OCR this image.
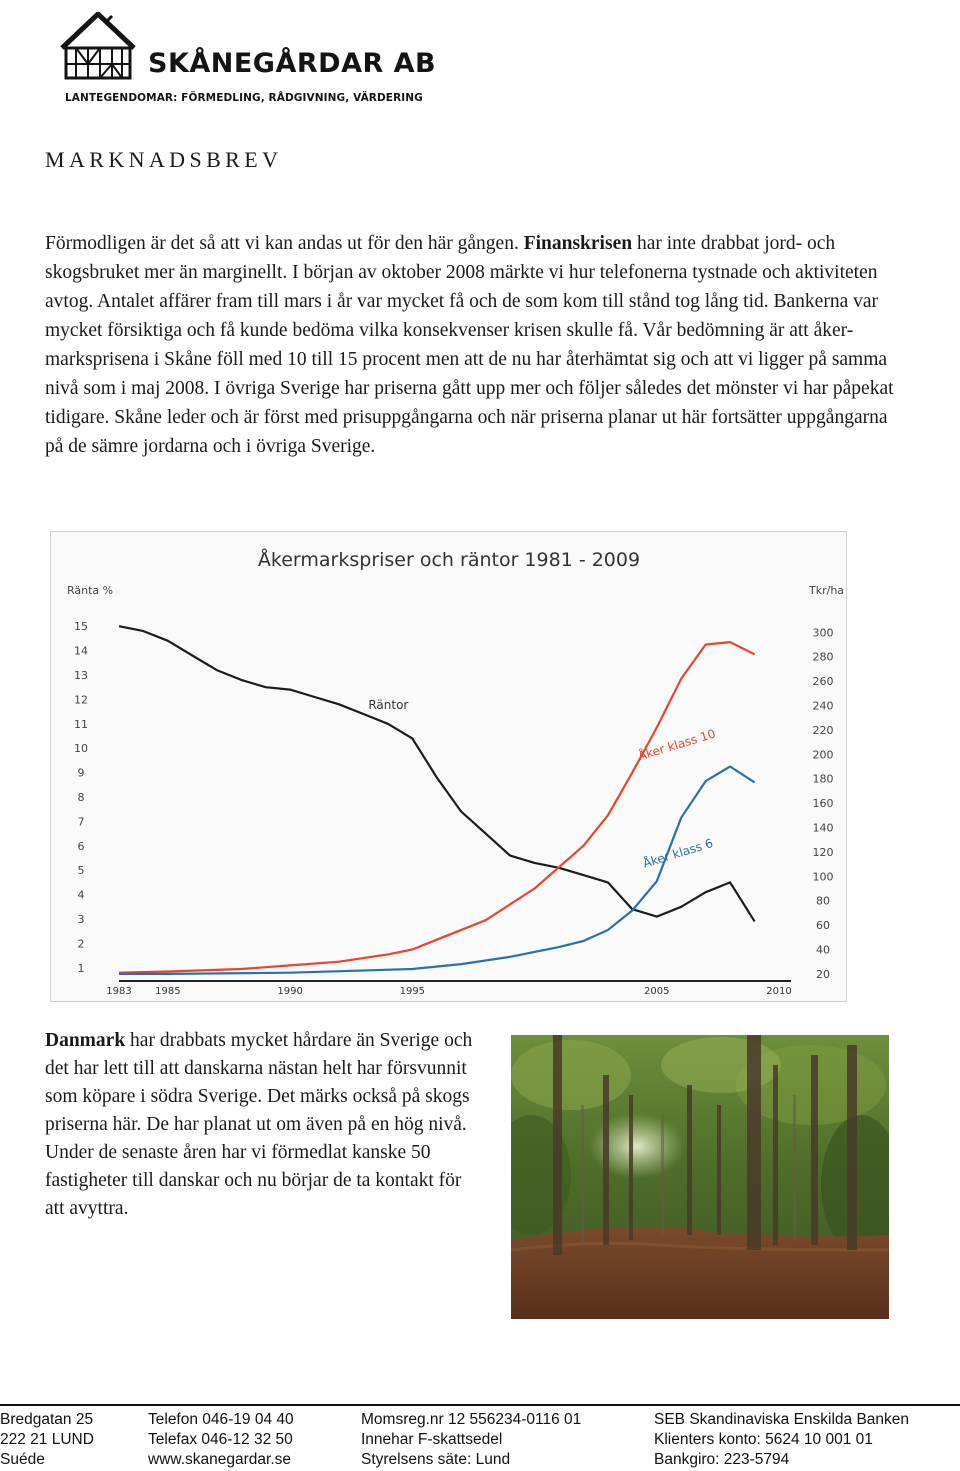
SKÅNEGÅRDAR AB
LANTEGENDOMAR: FÖRMEDLING, RÅDGIVNING, VÄRDERING
MARKNADSBREV

Förmodligen är det så att vi kan andas ut för den här gången. Finanskrisen har inte drabbat jord- och skogsbruket mer än marginellt. I början av oktober 2008 märkte vi hur telefonerna tystnade och aktiviteten avtog. Antalet affärer fram till mars i år var mycket få och de som kom till stånd tog lång tid. Bankerna var mycket försiktiga och få kunde bedöma vilka konsekvenser krisen skulle få. Vår bedömning är att åker-marksprisena i Skåne föll med 10 till 15 procent men att de nu har återhämtat sig och att vi ligger på samma nivå som i maj 2008. I övriga Sverige har priserna gått upp mer och följer således det mönster vi har påpekat tidigare. Skåne leder och är först med prisuppgångarna och när priserna planar ut här fortsätter uppgångarna på de sämre jordarna och i övriga Sverige.

Åkermarkspriser och räntor 1981 - 2009
Ränta %	Tkr/ha
1
2
3
4
5
6
7
8
9
10
11
12
13
14
15
20
40
60
80
100
120
140
160
180
200
220
240
260
280
300
1983 1985	1990	1995	2005	2010
Räntor
Åker klass 10
Åker klass 6

Danmark har drabbats mycket hårdare än Sverige och det har lett till att danskarna nästan helt har försvunnit som köpare i södra Sverige. Det märks också på skogs priserna här. De har planat ut om även på en hög nivå. Under de senaste åren har vi förmedlat kanske 50 fastigheter till danskar och nu börjar de ta kontakt för att avyttra.

Bredgatan 25
222 21 LUND
Suéde
Telefon 046-19 04 40
Telefax 046-12 32 50
www.skanegardar.se
Momsreg.nr 12 556234-0116 01
Innehar F-skattsedel
Styrelsens säte: Lund
SEB Skandinaviska Enskilda Banken
Klienters konto: 5624 10 001 01
Bankgiro: 223-5794
